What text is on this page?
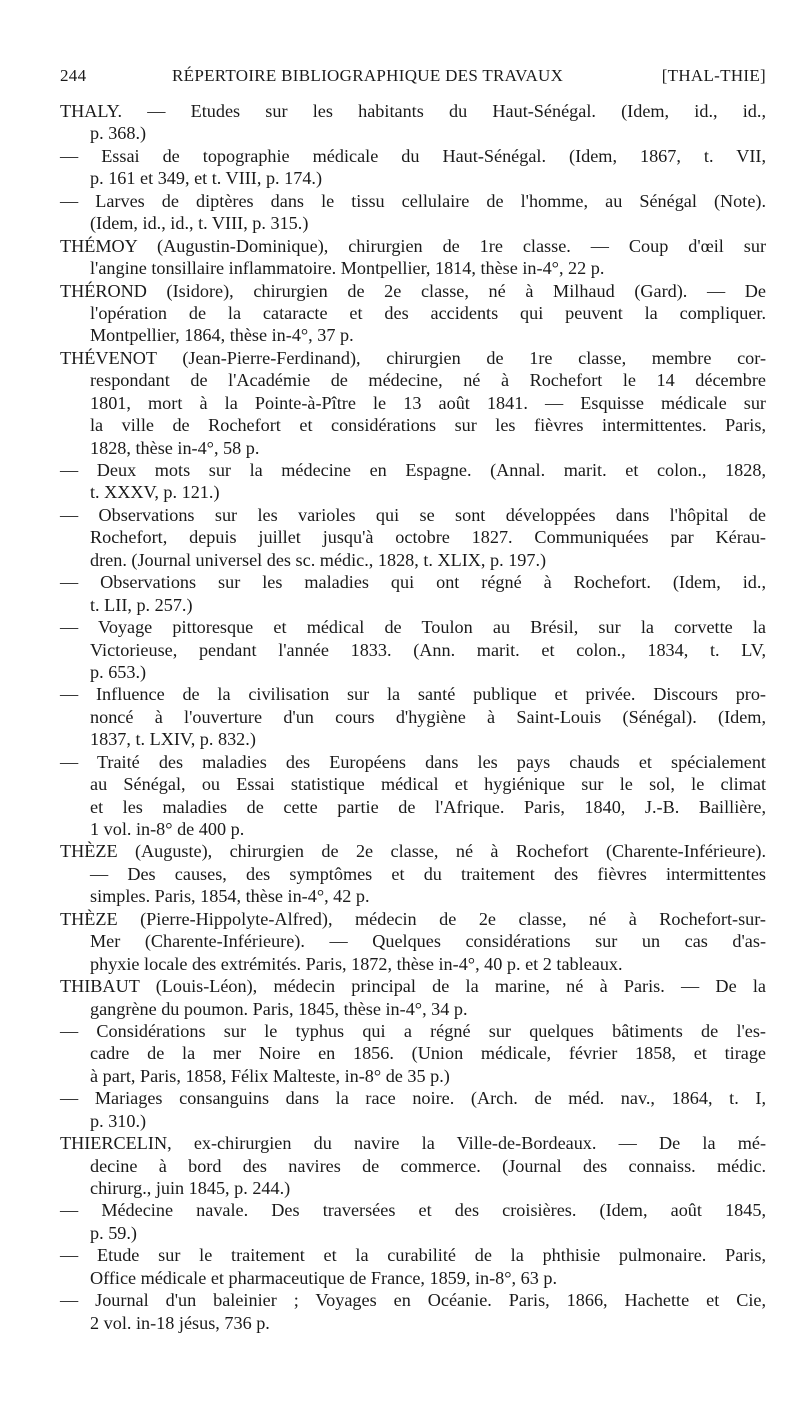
244	RÉPERTOIRE BIBLIOGRAPHIQUE DES TRAVAUX	[THAL-THIE]
THALY. — Etudes sur les habitants du Haut-Sénégal. (Idem, id., id.,
p. 368.)
— Essai de topographie médicale du Haut-Sénégal. (Idem, 1867, t. VII,
p. 161 et 349, et t. VIII, p. 174.)
— Larves de diptères dans le tissu cellulaire de l'homme, au Sénégal (Note).
(Idem, id., id., t. VIII, p. 315.)
THÉMOY (Augustin-Dominique), chirurgien de 1re classe. — Coup d'œil sur
l'angine tonsillaire inflammatoire. Montpellier, 1814, thèse in-4°, 22 p.
THÉROND (Isidore), chirurgien de 2e classe, né à Milhaud (Gard). — De
l'opération de la cataracte et des accidents qui peuvent la compliquer.
Montpellier, 1864, thèse in-4°, 37 p.
THÉVENOT (Jean-Pierre-Ferdinand), chirurgien de 1re classe, membre cor-
respondant de l'Académie de médecine, né à Rochefort le 14 décembre
1801, mort à la Pointe-à-Pître le 13 août 1841. — Esquisse médicale sur
la ville de Rochefort et considérations sur les fièvres intermittentes. Paris,
1828, thèse in-4°, 58 p.
— Deux mots sur la médecine en Espagne. (Annal. marit. et colon., 1828,
t. XXXV, p. 121.)
— Observations sur les varioles qui se sont développées dans l'hôpital de
Rochefort, depuis juillet jusqu'à octobre 1827. Communiquées par Kérau-
dren. (Journal universel des sc. médic., 1828, t. XLIX, p. 197.)
— Observations sur les maladies qui ont régné à Rochefort. (Idem, id.,
t. LII, p. 257.)
— Voyage pittoresque et médical de Toulon au Brésil, sur la corvette la
Victorieuse, pendant l'année 1833. (Ann. marit. et colon., 1834, t. LV,
p. 653.)
— Influence de la civilisation sur la santé publique et privée. Discours pro-
noncé à l'ouverture d'un cours d'hygiène à Saint-Louis (Sénégal). (Idem,
1837, t. LXIV, p. 832.)
— Traité des maladies des Européens dans les pays chauds et spécialement
au Sénégal, ou Essai statistique médical et hygiénique sur le sol, le climat
et les maladies de cette partie de l'Afrique. Paris, 1840, J.-B. Baillière,
1 vol. in-8° de 400 p.
THÈZE (Auguste), chirurgien de 2e classe, né à Rochefort (Charente-Inférieure).
— Des causes, des symptômes et du traitement des fièvres intermittentes
simples. Paris, 1854, thèse in-4°, 42 p.
THÈZE (Pierre-Hippolyte-Alfred), médecin de 2e classe, né à Rochefort-sur-
Mer (Charente-Inférieure). — Quelques considérations sur un cas d'as-
phyxie locale des extrémités. Paris, 1872, thèse in-4°, 40 p. et 2 tableaux.
THIBAUT (Louis-Léon), médecin principal de la marine, né à Paris. — De la
gangrène du poumon. Paris, 1845, thèse in-4°, 34 p.
— Considérations sur le typhus qui a régné sur quelques bâtiments de l'es-
cadre de la mer Noire en 1856. (Union médicale, février 1858, et tirage
à part, Paris, 1858, Félix Malteste, in-8° de 35 p.)
— Mariages consanguins dans la race noire. (Arch. de méd. nav., 1864, t. I,
p. 310.)
THIERCELIN, ex-chirurgien du navire la Ville-de-Bordeaux. — De la mé-
decine à bord des navires de commerce. (Journal des connaiss. médic.
chirurg., juin 1845, p. 244.)
— Médecine navale. Des traversées et des croisières. (Idem, août 1845,
p. 59.)
— Etude sur le traitement et la curabilité de la phthisie pulmonaire. Paris,
Office médicale et pharmaceutique de France, 1859, in-8°, 63 p.
— Journal d'un baleinier ; Voyages en Océanie. Paris, 1866, Hachette et Cie,
2 vol. in-18 jésus, 736 p.
